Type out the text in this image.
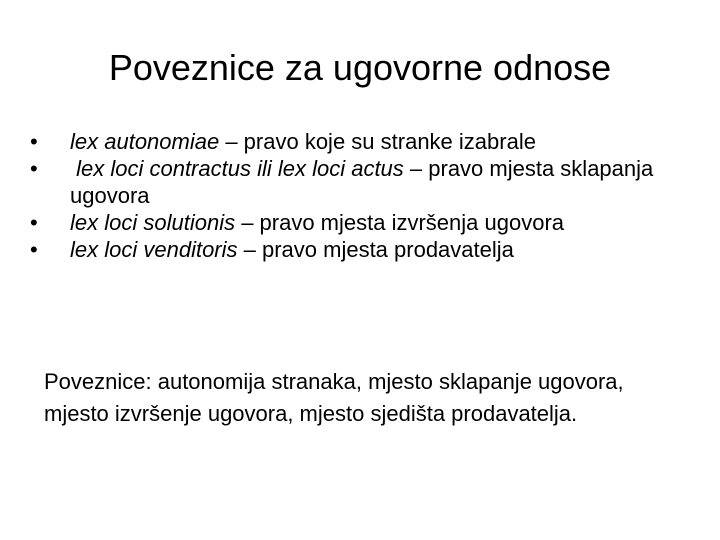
Poveznice za ugovorne odnose
•	lex autonomiae – pravo koje su stranke izabrale
•	lex loci contractus ili lex loci actus – pravo mjesta sklapanja ugovora
•	lex loci solutionis – pravo mjesta izvršenja ugovora
•	lex loci venditoris – pravo mjesta prodavatelja

Poveznice: autonomija stranaka, mjesto sklapanje ugovora, mjesto izvršenje ugovora, mjesto sjedišta prodavatelja.
